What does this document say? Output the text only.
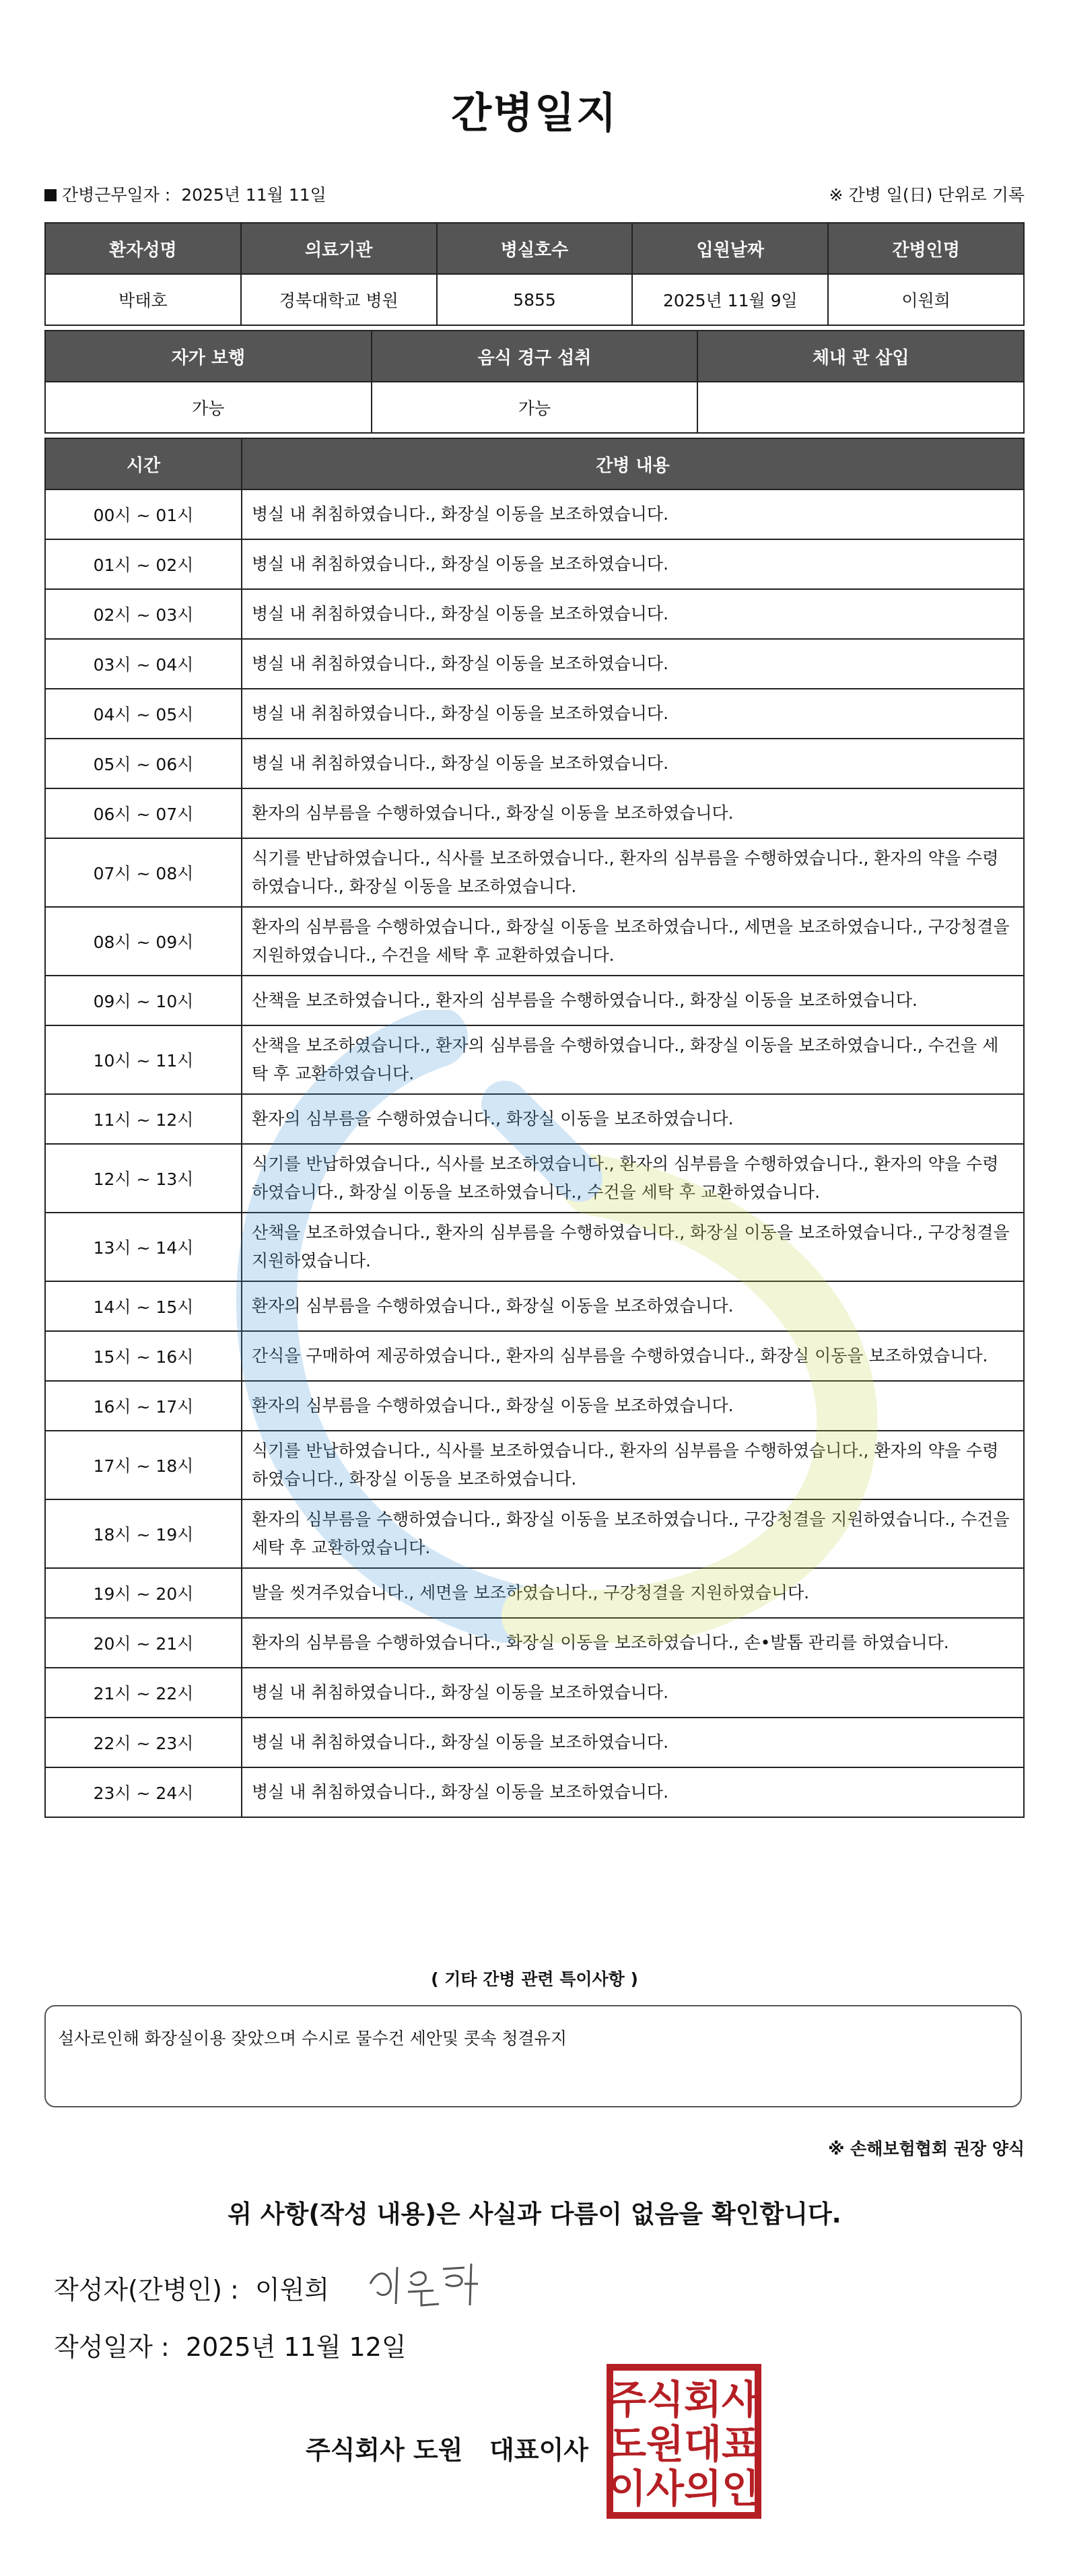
간병일지
간병근무일자 : 2025년 11월 11일	※ 간병 일(日) 단위로 기록
환자성명	의료기관	병실호수	입원날짜	간병인명
박태호	경북대학교 병원	5855	2025년 11월 9일	이원희
자가 보행	음식 경구 섭취	체내 관 삽입
가능	가능	
시간	간병 내용
00시 ~ 01시	병실 내 취침하였습니다., 화장실 이동을 보조하였습니다.
01시 ~ 02시	병실 내 취침하였습니다., 화장실 이동을 보조하였습니다.
02시 ~ 03시	병실 내 취침하였습니다., 화장실 이동을 보조하였습니다.
03시 ~ 04시	병실 내 취침하였습니다., 화장실 이동을 보조하였습니다.
04시 ~ 05시	병실 내 취침하였습니다., 화장실 이동을 보조하였습니다.
05시 ~ 06시	병실 내 취침하였습니다., 화장실 이동을 보조하였습니다.
06시 ~ 07시	환자의 심부름을 수행하였습니다., 화장실 이동을 보조하였습니다.
07시 ~ 08시	식기를 반납하였습니다., 식사를 보조하였습니다., 환자의 심부름을 수행하였습니다., 환자의 약을 수령하였습니다., 화장실 이동을 보조하였습니다.
08시 ~ 09시	환자의 심부름을 수행하였습니다., 화장실 이동을 보조하였습니다., 세면을 보조하였습니다., 구강청결을 지원하였습니다., 수건을 세탁 후 교환하였습니다.
09시 ~ 10시	산책을 보조하였습니다., 환자의 심부름을 수행하였습니다., 화장실 이동을 보조하였습니다.
10시 ~ 11시	산책을 보조하였습니다., 환자의 심부름을 수행하였습니다., 화장실 이동을 보조하였습니다., 수건을 세탁 후 교환하였습니다.
11시 ~ 12시	환자의 심부름을 수행하였습니다., 화장실 이동을 보조하였습니다.
12시 ~ 13시	식기를 반납하였습니다., 식사를 보조하였습니다., 환자의 심부름을 수행하였습니다., 환자의 약을 수령하였습니다., 화장실 이동을 보조하였습니다., 수건을 세탁 후 교환하였습니다.
13시 ~ 14시	산책을 보조하였습니다., 환자의 심부름을 수행하였습니다., 화장실 이동을 보조하였습니다., 구강청결을 지원하였습니다.
14시 ~ 15시	환자의 심부름을 수행하였습니다., 화장실 이동을 보조하였습니다.
15시 ~ 16시	간식을 구매하여 제공하였습니다., 환자의 심부름을 수행하였습니다., 화장실 이동을 보조하였습니다.
16시 ~ 17시	환자의 심부름을 수행하였습니다., 화장실 이동을 보조하였습니다.
17시 ~ 18시	식기를 반납하였습니다., 식사를 보조하였습니다., 환자의 심부름을 수행하였습니다., 환자의 약을 수령하였습니다., 화장실 이동을 보조하였습니다.
18시 ~ 19시	환자의 심부름을 수행하였습니다., 화장실 이동을 보조하였습니다., 구강청결을 지원하였습니다., 수건을 세탁 후 교환하였습니다.
19시 ~ 20시	발을 씻겨주었습니다., 세면을 보조하였습니다., 구강청결을 지원하였습니다.
20시 ~ 21시	환자의 심부름을 수행하였습니다., 화장실 이동을 보조하였습니다., 손•발톱 관리를 하였습니다.
21시 ~ 22시	병실 내 취침하였습니다., 화장실 이동을 보조하였습니다.
22시 ~ 23시	병실 내 취침하였습니다., 화장실 이동을 보조하였습니다.
23시 ~ 24시	병실 내 취침하였습니다., 화장실 이동을 보조하였습니다.
( 기타 간병 관련 특이사항 )
설사로인해 화장실이용 잦았으며 수시로 물수건 세안및 콧속 청결유지
※ 손해보험협회 권장 양식
위 사항(작성 내용)은 사실과 다름이 없음을 확인합니다.
작성자(간병인) : 이원희
작성일자 : 2025년 11월 12일
주식회사 도원   대표이사
주식회사
도원대표
이사의인
